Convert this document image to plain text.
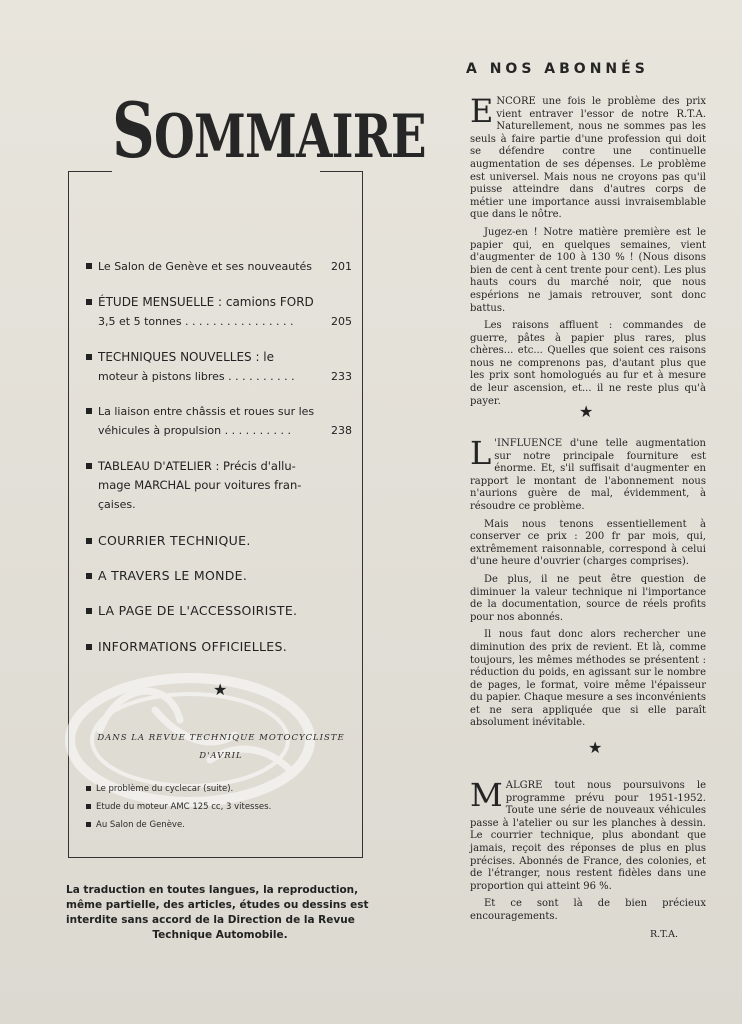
SOMMAIRE
Le Salon de Genève et ses nouveautés 201
ÉTUDE MENSUELLE : camions FORD
3,5 et 5 tonnes . . . . . . . . . . . . . . . .	205
TECHNIQUES NOUVELLES : le
moteur à pistons libres . . . . . . . . . .	233
La liaison entre châssis et roues sur les
véhicules à propulsion . . . . . . . . . .	238
TABLEAU D'ATELIER : Précis d'allu-
mage MARCHAL pour voitures fran-
çaises.
COURRIER TECHNIQUE.
A TRAVERS LE MONDE.
LA PAGE DE L'ACCESSOIRISTE.
INFORMATIONS OFFICIELLES.
★
DANS LA REVUE TECHNIQUE MOTOCYCLISTE
D'AVRIL
Le problème du cyclecar (suite).
Etude du moteur AMC 125 cc, 3 vitesses.
Au Salon de Genève.
La traduction en toutes langues, la reproduction,
même partielle, des articles, études ou dessins est
interdite sans accord de la Direction de la Revue
Technique Automobile.
A NOS ABONNÉS

ENCORE une fois le problème des prix vient entraver l'essor de notre R.T.A. Naturellement, nous ne sommes pas les seuls à faire partie d'une profession qui doit se défendre contre une continuelle augmentation de ses dépenses. Le problème est universel. Mais nous ne croyons pas qu'il puisse atteindre dans d'autres corps de métier une importance aussi invraisemblable que dans le nôtre.

Jugez-en ! Notre matière première est le papier qui, en quelques semaines, vient d'augmenter de 100 à 130 % ! (Nous disons bien de cent à cent trente pour cent). Les plus hauts cours du marché noir, que nous espérions ne jamais retrouver, sont donc battus.

Les raisons affluent : commandes de guerre, pâtes à papier plus rares, plus chères... etc... Quelles que soient ces raisons nous ne comprenons pas, d'autant plus que les prix sont homologués au fur et à mesure de leur ascension, et... il ne reste plus qu'à payer.

★

L 'INFLUENCE d'une telle augmentation sur notre principale fourniture est énorme. Et, s'il suffisait d'augmenter en rapport le montant de l'abonnement nous n'aurions guère de mal, évidemment, à résoudre ce problème.

Mais nous tenons essentiellement à conserver ce prix : 200 fr par mois, qui, extrêmement raisonnable, correspond à celui d'une heure d'ouvrier (charges comprises).

De plus, il ne peut être question de diminuer la valeur technique ni l'importance de la documentation, source de réels profits pour nos abonnés.

Il nous faut donc alors rechercher une diminution des prix de revient. Et là, comme toujours, les mêmes méthodes se présentent : réduction du poids, en agissant sur le nombre de pages, le format, voire même l'épaisseur du papier. Chaque mesure a ses inconvénients et ne sera appliquée que si elle paraît absolument inévitable.

★

MALGRE tout nous poursuivons le programme prévu pour 1951-1952. Toute une série de nouveaux véhicules passe à l'atelier ou sur les planches à dessin. Le courrier technique, plus abondant que jamais, reçoit des réponses de plus en plus précises. Abonnés de France, des colonies, et de l'étranger, nous restent fidèles dans une proportion qui atteint 96 %.

Et ce sont là de bien précieux encouragements.

R.T.A.
